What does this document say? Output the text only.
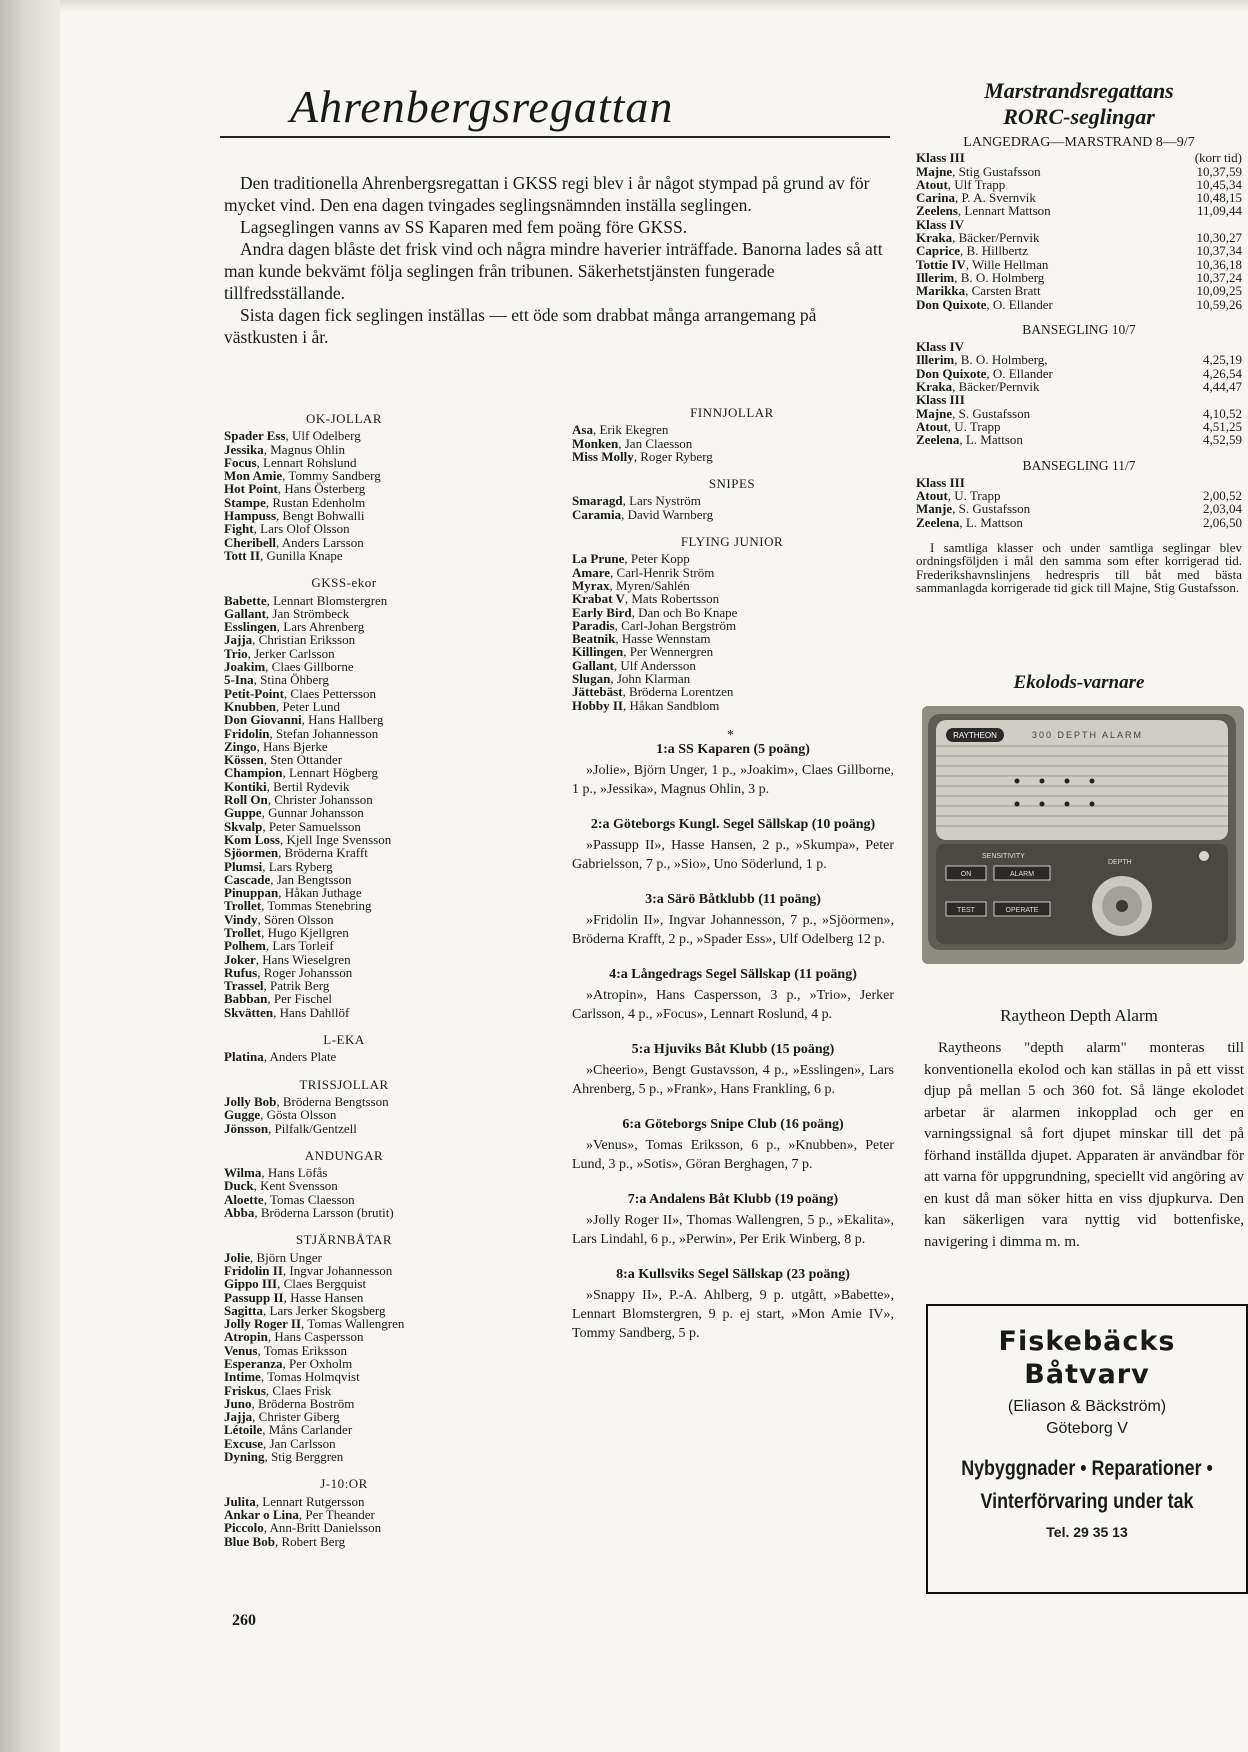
Ahrenbergsregattan

Den traditionella Ahrenbergsregattan i GKSS regi blev i år något stympad på grund av för mycket vind. Den ena dagen tvingades seglingsnämnden inställa seglingen.

Lagseglingen vanns av SS Kaparen med fem poäng före GKSS.

Andra dagen blåste det frisk vind och några mindre haverier inträffade. Banorna lades så att man kunde bekvämt följa seglingen från tribunen. Säkerhetstjänsten fungerade tillfredsställande.

Sista dagen fick seglingen inställas — ett öde som drabbat många arrangemang på västkusten i år.

OK-JOLLAR
Spader Ess, Ulf Odelberg
Jessika, Magnus Ohlin
Focus, Lennart Rohslund
Mon Amie, Tommy Sandberg
Hot Point, Hans Österberg
Stampe, Rustan Edenholm
Hampuss, Bengt Bohwalli
Fight, Lars Olof Olsson
Cheribell, Anders Larsson
Tott II, Gunilla Knape
GKSS-ekor
Babette, Lennart Blomstergren
Gallant, Jan Strömbeck
Esslingen, Lars Ahrenberg
Jajja, Christian Eriksson
Trio, Jerker Carlsson
Joakim, Claes Gillborne
5-Ina, Stina Öhberg
Petit-Point, Claes Pettersson
Knubben, Peter Lund
Don Giovanni, Hans Hallberg
Fridolin, Stefan Johannesson
Zingo, Hans Bjerke
Kössen, Sten Ottander
Champion, Lennart Högberg
Kontiki, Bertil Rydevik
Roll On, Christer Johansson
Guppe, Gunnar Johansson
Skvalp, Peter Samuelsson
Kom Loss, Kjell Inge Svensson
Sjöormen, Bröderna Krafft
Plumsi, Lars Ryberg
Cascade, Jan Bengtsson
Pinuppan, Håkan Juthage
Trollet, Tommas Stenebring
Vindy, Sören Olsson
Trollet, Hugo Kjellgren
Polhem, Lars Torleif
Joker, Hans Wieselgren
Rufus, Roger Johansson
Trassel, Patrik Berg
Babban, Per Fischel
Skvätten, Hans Dahllöf
L-EKA
Platina, Anders Plate
TRISSJOLLAR
Jolly Bob, Bröderna Bengtsson
Gugge, Gösta Olsson
Jönsson, Pilfalk/Gentzell
ANDUNGAR
Wilma, Hans Löfås
Duck, Kent Svensson
Aloette, Tomas Claesson
Abba, Bröderna Larsson (brutit)
STJÄRNBÅTAR
Jolie, Björn Unger
Fridolin II, Ingvar Johannesson
Gippo III, Claes Bergquist
Passupp II, Hasse Hansen
Sagitta, Lars Jerker Skogsberg
Jolly Roger II, Tomas Wallengren
Atropin, Hans Caspersson
Venus, Tomas Eriksson
Esperanza, Per Oxholm
Intime, Tomas Holmqvist
Friskus, Claes Frisk
Juno, Bröderna Boström
Jajja, Christer Giberg
Létoile, Måns Carlander
Excuse, Jan Carlsson
Dyning, Stig Berggren
J-10:OR
Julita, Lennart Rutgersson
Ankar o Lina, Per Theander
Piccolo, Ann-Britt Danielsson
Blue Bob, Robert Berg
FINNJOLLAR
Asa, Erik Ekegren
Monken, Jan Claesson
Miss Molly, Roger Ryberg
SNIPES
Smaragd, Lars Nyström
Caramia, David Warnberg
FLYING JUNIOR
La Prune, Peter Kopp
Amare, Carl-Henrik Ström
Myrax, Myren/Sahlén
Krabat V, Mats Robertsson
Early Bird, Dan och Bo Knape
Paradis, Carl-Johan Bergström
Beatnik, Hasse Wennstam
Killingen, Per Wennergren
Gallant, Ulf Andersson
Slugan, John Klarman
Jättebäst, Bröderna Lorentzen
Hobby II, Håkan Sandblom
*
1:a SS Kaparen (5 poäng)

»Jolie», Björn Unger, 1 p., »Joakim», Claes Gillborne, 1 p., »Jessika», Magnus Ohlin, 3 p.

2:a Göteborgs Kungl. Segel Sällskap (10 poäng)

»Passupp II», Hasse Hansen, 2 p., »Skumpa», Peter Gabrielsson, 7 p., »Sio», Uno Söderlund, 1 p.

3:a Särö Båtklubb (11 poäng)

»Fridolin II», Ingvar Johannesson, 7 p., »Sjöormen», Bröderna Krafft, 2 p., »Spader Ess», Ulf Odelberg 12 p.

4:a Långedrags Segel Sällskap (11 poäng)

»Atropin», Hans Caspersson, 3 p., »Trio», Jerker Carlsson, 4 p., »Focus», Lennart Roslund, 4 p.

5:a Hjuviks Båt Klubb (15 poäng)

»Cheerio», Bengt Gustavsson, 4 p., »Esslingen», Lars Ahrenberg, 5 p., »Frank», Hans Frankling, 6 p.

6:a Göteborgs Snipe Club (16 poäng)

»Venus», Tomas Eriksson, 6 p., »Knubben», Peter Lund, 3 p., »Sotis», Göran Berghagen, 7 p.

7:a Andalens Båt Klubb (19 poäng)

»Jolly Roger II», Thomas Wallengren, 5 p., »Ekalita», Lars Lindahl, 6 p., »Perwin», Per Erik Winberg, 8 p.

8:a Kullsviks Segel Sällskap (23 poäng)

»Snappy II», P.-A. Ahlberg, 9 p. utgått, »Babette», Lennart Blomstergren, 9 p. ej start, »Mon Amie IV», Tommy Sandberg, 5 p.

Marstrandsregattans
RORC-seglingar
LANGEDRAG—MARSTRAND 8—9/7
Klass III	(korr tid)
Majne, Stig Gustafsson	10,37,59
Atout, Ulf Trapp	10,45,34
Carina, P. A. Svernvik	10,48,15
Zeelens, Lennart Mattson	11,09,44
Klass IV
Kraka, Bäcker/Pernvik	10,30,27
Caprice, B. Hillbertz	10,37,34
Tottie IV, Wille Hellman	10,36,18
Illerim, B. O. Holmberg	10,37,24
Marikka, Carsten Bratt	10,09,25
Don Quixote, O. Ellander	10,59,26
BANSEGLING 10/7
Klass IV
Illerim, B. O. Holmberg,	4,25,19
Don Quixote, O. Ellander	4,26,54
Kraka, Bäcker/Pernvik	4,44,47
Klass III
Majne, S. Gustafsson	4,10,52
Atout, U. Trapp	4,51,25
Zeelena, L. Mattson	4,52,59
BANSEGLING 11/7
Klass III
Atout, U. Trapp	2,00,52
Manje, S. Gustafsson	2,03,04
Zeelena, L. Mattson	2,06,50
I samtliga klasser och under samtliga seglingar blev ordningsföljden i mål den samma som efter korrigerad tid. Frederikshavnslinjens hedrespris till båt med bästa sammanlagda korrigerade tid gick till Majne, Stig Gustafsson.
Ekolods-varnare
RAYTHEON	300 DEPTH ALARM
SENSITIVITY
DEPTH
ON	ALARM
TEST	OPERATE
Raytheon Depth Alarm

Raytheons "depth alarm" monteras till konventionella ekolod och kan ställas in på ett visst djup på mellan 5 och 360 fot. Så länge ekolodet arbetar är alarmen inkopplad och ger en varningssignal så fort djupet minskar till det på förhand inställda djupet. Apparaten är användbar för att varna för uppgrundning, speciellt vid angöring av en kust då man söker hitta en viss djupkurva. Den kan säkerligen vara nyttig vid bottenfiske, navigering i dimma m. m.

Fiskebäcks
Båtvarv
(Eliason & Bäckström)
Göteborg V
Nybyggnader • Reparationer • Vinterförvaring under tak
Tel. 29 35 13
260
